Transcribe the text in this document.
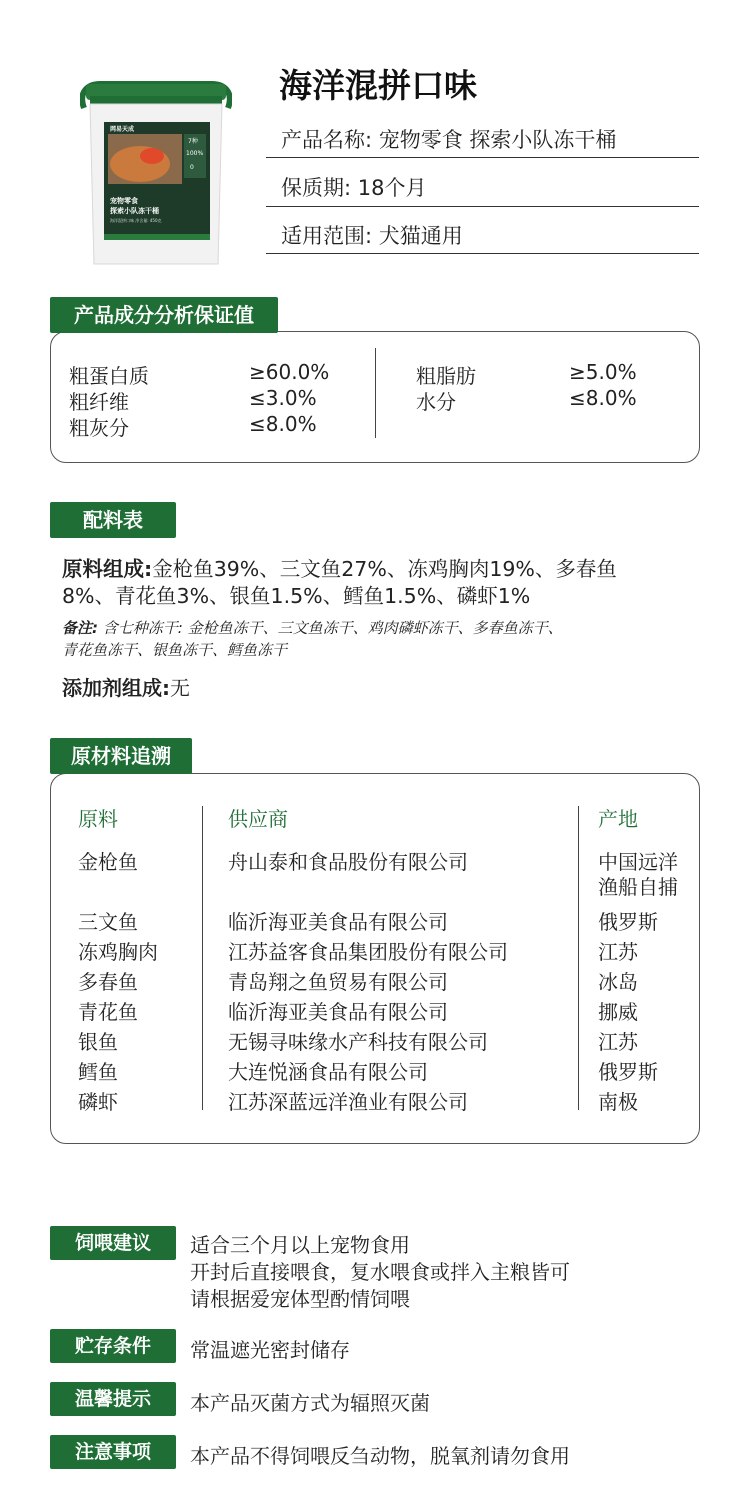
网易天成
7种
100%
0
宠物零食
探索小队冻干桶
海洋混拼口味 净含量: 450克
海洋混拼口味
产品名称: 宠物零食 探索小队冻干桶
保质期: 18个月
适用范围: 犬猫通用
产品成分分析保证值
粗蛋白质	≥60.0%
粗纤维	≤3.0%
粗灰分	≤8.0%
粗脂肪	≥5.0%
水分	≤8.0%
配料表
原料组成:金枪鱼39%、三文鱼27%、冻鸡胸肉19%、多春鱼
8%、青花鱼3%、银鱼1.5%、鳕鱼1.5%、磷虾1%
备注: 含七种冻干: 金枪鱼冻干、三文鱼冻干、鸡肉磷虾冻干、多春鱼冻干、
青花鱼冻干、银鱼冻干、鳕鱼冻干
添加剂组成:无
原材料追溯
原料	供应商	产地
金枪鱼	舟山泰和食品股份有限公司	中国远洋
渔船自捕
三文鱼	临沂海亚美食品有限公司	俄罗斯
冻鸡胸肉	江苏益客食品集团股份有限公司	江苏
多春鱼	青岛翔之鱼贸易有限公司	冰岛
青花鱼	临沂海亚美食品有限公司	挪威
银鱼	无锡寻味缘水产科技有限公司	江苏
鳕鱼	大连悦涵食品有限公司	俄罗斯
磷虾	江苏深蓝远洋渔业有限公司	南极
饲喂建议	适合三个月以上宠物食用
开封后直接喂食，复水喂食或拌入主粮皆可
请根据爱宠体型酌情饲喂
贮存条件	常温遮光密封储存
温馨提示	本产品灭菌方式为辐照灭菌
注意事项	本产品不得饲喂反刍动物，脱氧剂请勿食用
